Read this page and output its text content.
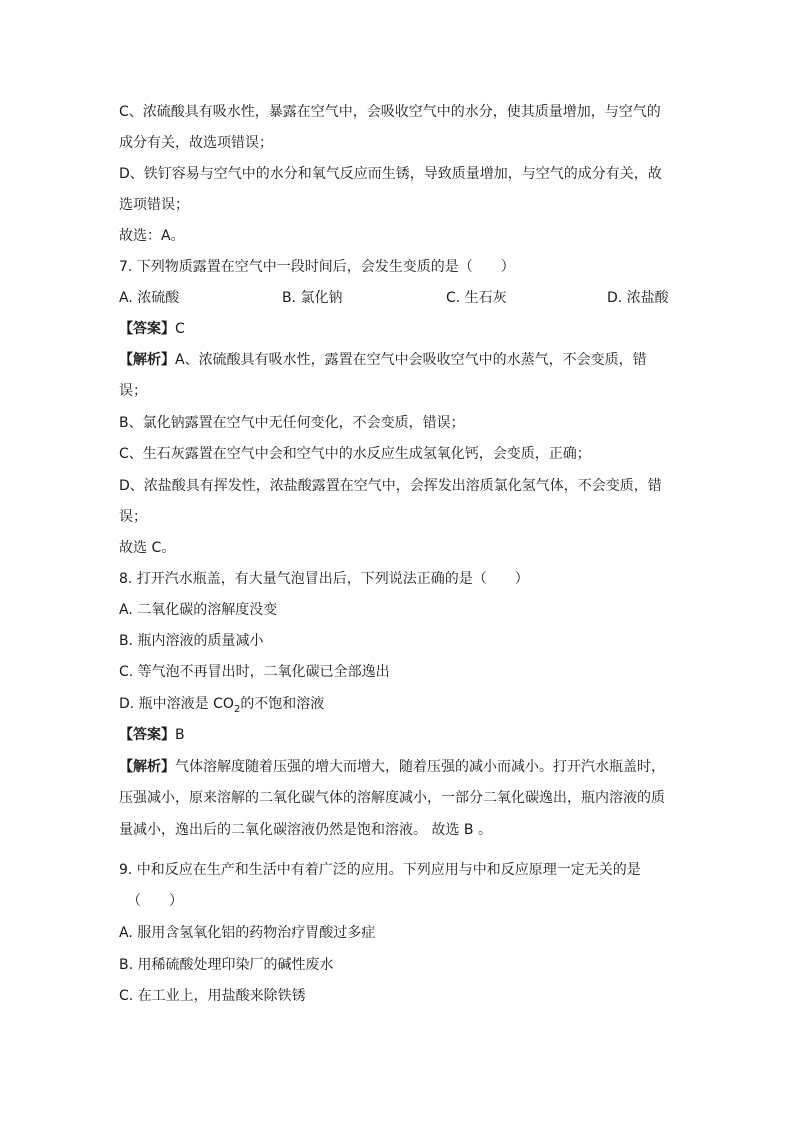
C、浓硫酸具有吸水性，暴露在空气中，会吸收空气中的水分，使其质量增加，与空气的
成分有关，故选项错误；
D、铁钉容易与空气中的水分和氧气反应而生锈，导致质量增加，与空气的成分有关，故
选项错误；
故选：A。
7. 下列物质露置在空气中一段时间后，会发生变质的是（　　）
A. 浓硫酸	B. 氯化钠	C. 生石灰	D. 浓盐酸
【答案】C
【解析】A、浓硫酸具有吸水性，露置在空气中会吸收空气中的水蒸气，不会变质，错
误；
B、氯化钠露置在空气中无任何变化，不会变质，错误；
C、生石灰露置在空气中会和空气中的水反应生成氢氧化钙，会变质，正确；
D、浓盐酸具有挥发性，浓盐酸露置在空气中，会挥发出溶质氯化氢气体，不会变质，错
误；
故选 C。
8. 打开汽水瓶盖，有大量气泡冒出后，下列说法正确的是（　　）
A. 二氧化碳的溶解度没变
B. 瓶内溶液的质量减小
C. 等气泡不再冒出时，二氧化碳已全部逸出
D. 瓶中溶液是 $CO_2$的不饱和溶液
【答案】B
【解析】气体溶解度随着压强的增大而增大，随着压强的减小而减小。打开汽水瓶盖时，
压强减小，原来溶解的二氧化碳气体的溶解度减小，一部分二氧化碳逸出，瓶内溶液的质
量减小，逸出后的二氧化碳溶液仍然是饱和溶液。 故选 B 。
9. 中和反应在生产和生活中有着广泛的应用。下列应用与中和反应原理一定无关的是
（　　）
A. 服用含氢氧化铝的药物治疗胃酸过多症
B. 用稀硫酸处理印染厂的碱性废水
C. 在工业上，用盐酸来除铁锈
